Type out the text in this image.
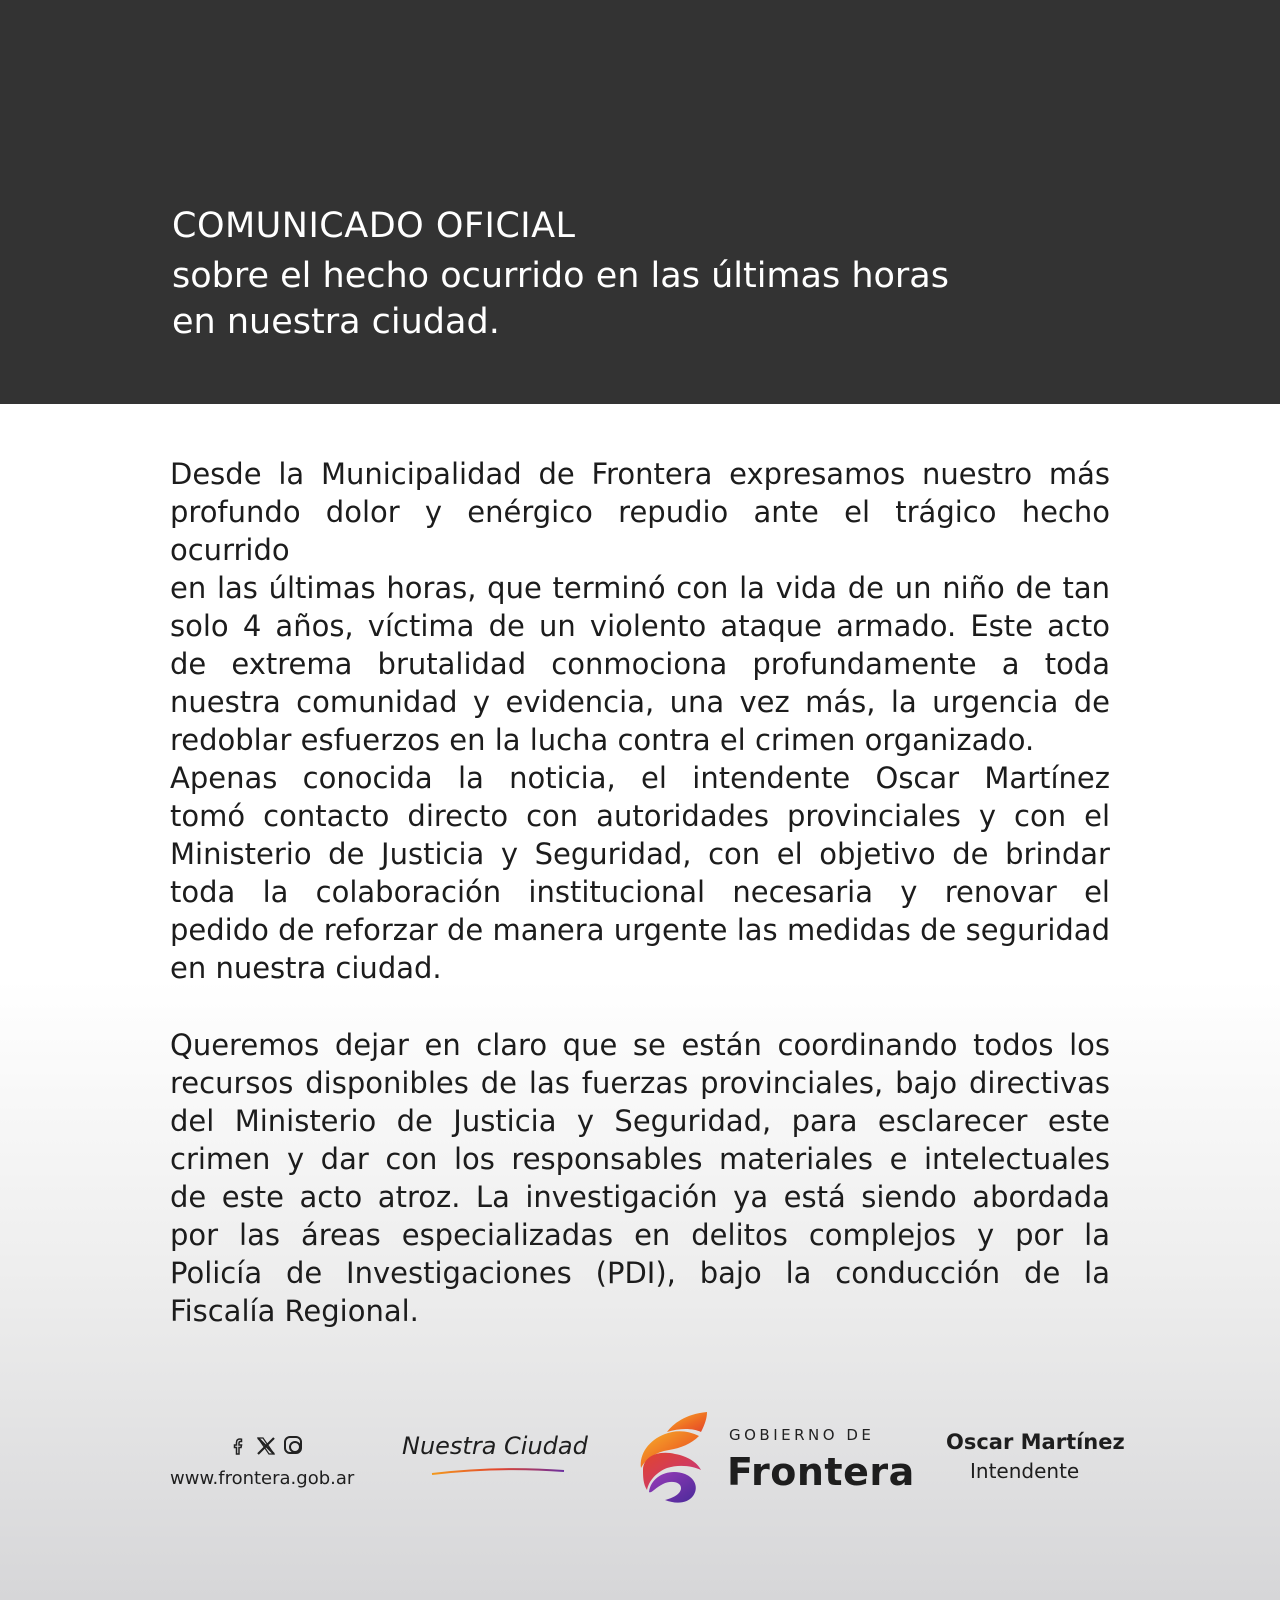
COMUNICADO OFICIAL
sobre el hecho ocurrido en las últimas horas
en nuestra ciudad.
Desde la Municipalidad de Frontera expresamos nuestro más
profundo dolor y enérgico repudio ante el trágico hecho ocurrido
en las últimas horas, que terminó con la vida de un niño de tan
solo 4 años, víctima de un violento ataque armado. Este acto
de extrema brutalidad conmociona profundamente a toda
nuestra comunidad y evidencia, una vez más, la urgencia de
redoblar esfuerzos en la lucha contra el crimen organizado.
Apenas conocida la noticia, el intendente Oscar Martínez
tomó contacto directo con autoridades provinciales y con el
Ministerio de Justicia y Seguridad, con el objetivo de brindar
toda la colaboración institucional necesaria y renovar el
pedido de reforzar de manera urgente las medidas de seguridad
en nuestra ciudad.
Queremos dejar en claro que se están coordinando todos los
recursos disponibles de las fuerzas provinciales, bajo directivas
del Ministerio de Justicia y Seguridad, para esclarecer este
crimen y dar con los responsables materiales e intelectuales
de este acto atroz. La investigación ya está siendo abordada
por las áreas especializadas en delitos complejos y por la
Policía de Investigaciones (PDI), bajo la conducción de la
Fiscalía Regional.
www.frontera.gob.ar
Nuestra Ciudad	GOBIERNO DE
Frontera
Oscar Martínez
Intendente
